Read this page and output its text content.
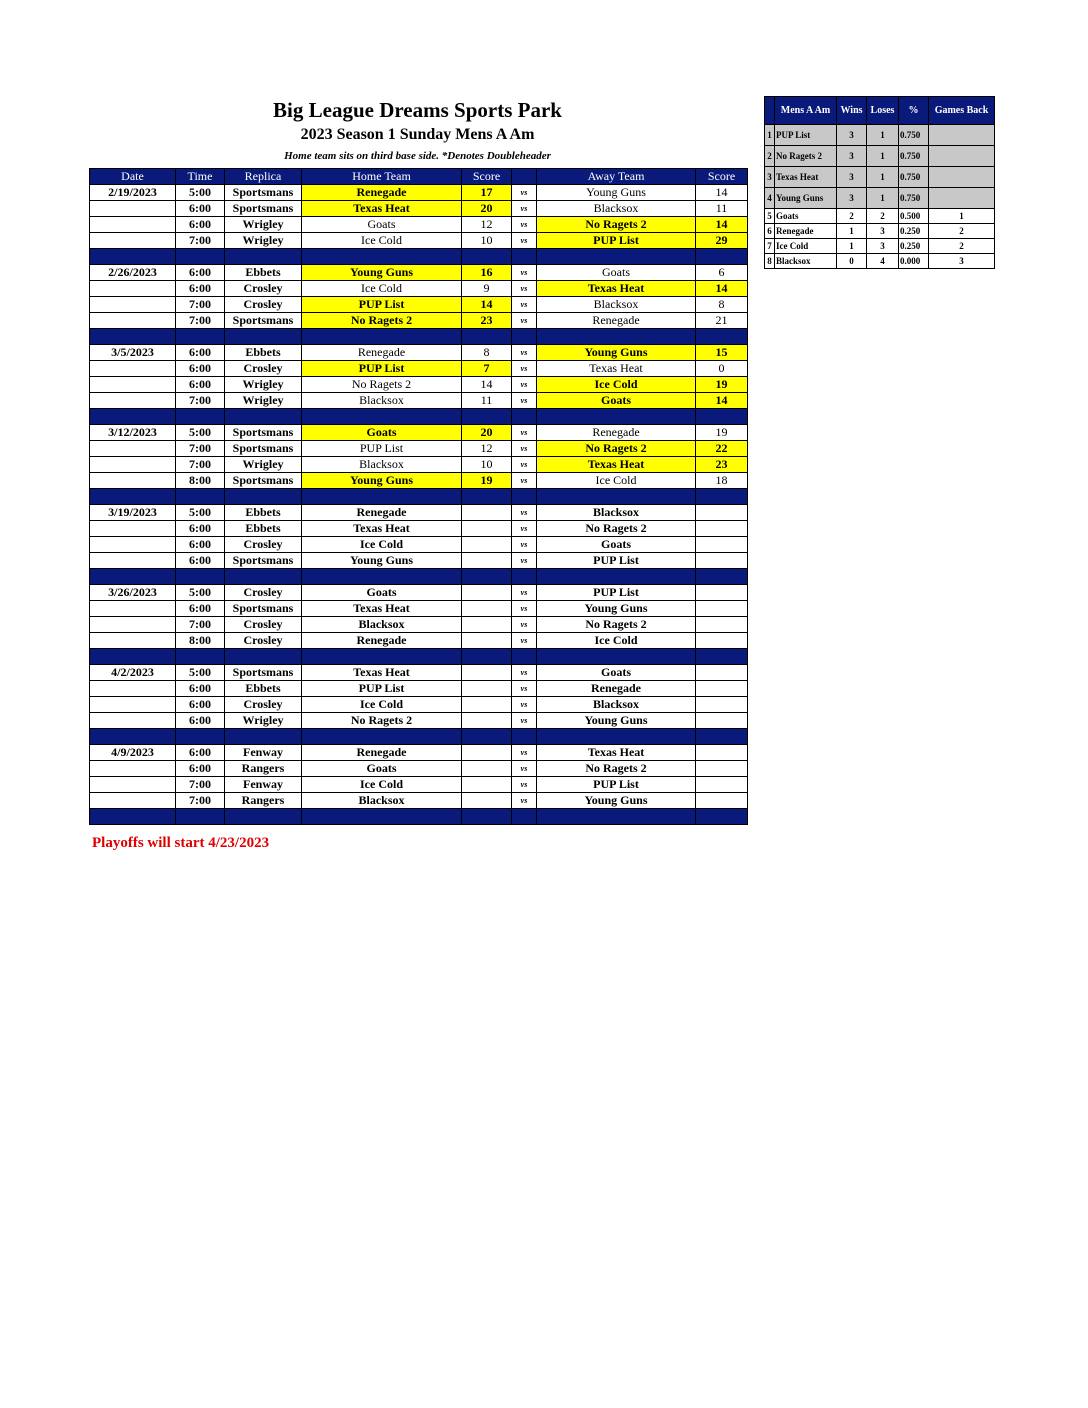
Big League Dreams Sports Park
2023 Season 1 Sunday Mens A Am
Home team sits on third base side. *Denotes Doubleheader
Date	Time	Replica	Home Team	Score		Away Team	Score
2/19/2023	5:00	Sportsmans	Renegade	17	vs	Young Guns	14
	6:00	Sportsmans	Texas Heat	20	vs	Blacksox	11
	6:00	Wrigley	Goats	12	vs	No Ragets 2	14
	7:00	Wrigley	Ice Cold	10	vs	PUP List	29

2/26/2023	6:00	Ebbets	Young Guns	16	vs	Goats	6
	6:00	Crosley	Ice Cold	9	vs	Texas Heat	14
	7:00	Crosley	PUP List	14	vs	Blacksox	8
	7:00	Sportsmans	No Ragets 2	23	vs	Renegade	21

3/5/2023	6:00	Ebbets	Renegade	8	vs	Young Guns	15
	6:00	Crosley	PUP List	7	vs	Texas Heat	0
	6:00	Wrigley	No Ragets 2	14	vs	Ice Cold	19
	7:00	Wrigley	Blacksox	11	vs	Goats	14

3/12/2023	5:00	Sportsmans	Goats	20	vs	Renegade	19
	7:00	Sportsmans	PUP List	12	vs	No Ragets 2	22
	7:00	Wrigley	Blacksox	10	vs	Texas Heat	23
	8:00	Sportsmans	Young Guns	19	vs	Ice Cold	18

3/19/2023	5:00	Ebbets	Renegade		vs	Blacksox	
	6:00	Ebbets	Texas Heat		vs	No Ragets 2	
	6:00	Crosley	Ice Cold		vs	Goats	
	6:00	Sportsmans	Young Guns		vs	PUP List	

3/26/2023	5:00	Crosley	Goats		vs	PUP List	
	6:00	Sportsmans	Texas Heat		vs	Young Guns	
	7:00	Crosley	Blacksox		vs	No Ragets 2	
	8:00	Crosley	Renegade		vs	Ice Cold	

4/2/2023	5:00	Sportsmans	Texas Heat		vs	Goats	
	6:00	Ebbets	PUP List		vs	Renegade	
	6:00	Crosley	Ice Cold		vs	Blacksox	
	6:00	Wrigley	No Ragets 2		vs	Young Guns	

4/9/2023	6:00	Fenway	Renegade		vs	Texas Heat	
	6:00	Rangers	Goats		vs	No Ragets 2	
	7:00	Fenway	Ice Cold		vs	PUP List	
	7:00	Rangers	Blacksox		vs	Young Guns	

Playoffs will start 4/23/2023
	Mens A Am	Wins	Loses	%	Games Back
1	PUP List	3	1	0.750	
2	No Ragets 2	3	1	0.750	
3	Texas Heat	3	1	0.750	
4	Young Guns	3	1	0.750	
5	Goats	2	2	0.500	1
6	Renegade	1	3	0.250	2
7	Ice Cold	1	3	0.250	2
8	Blacksox	0	4	0.000	3
